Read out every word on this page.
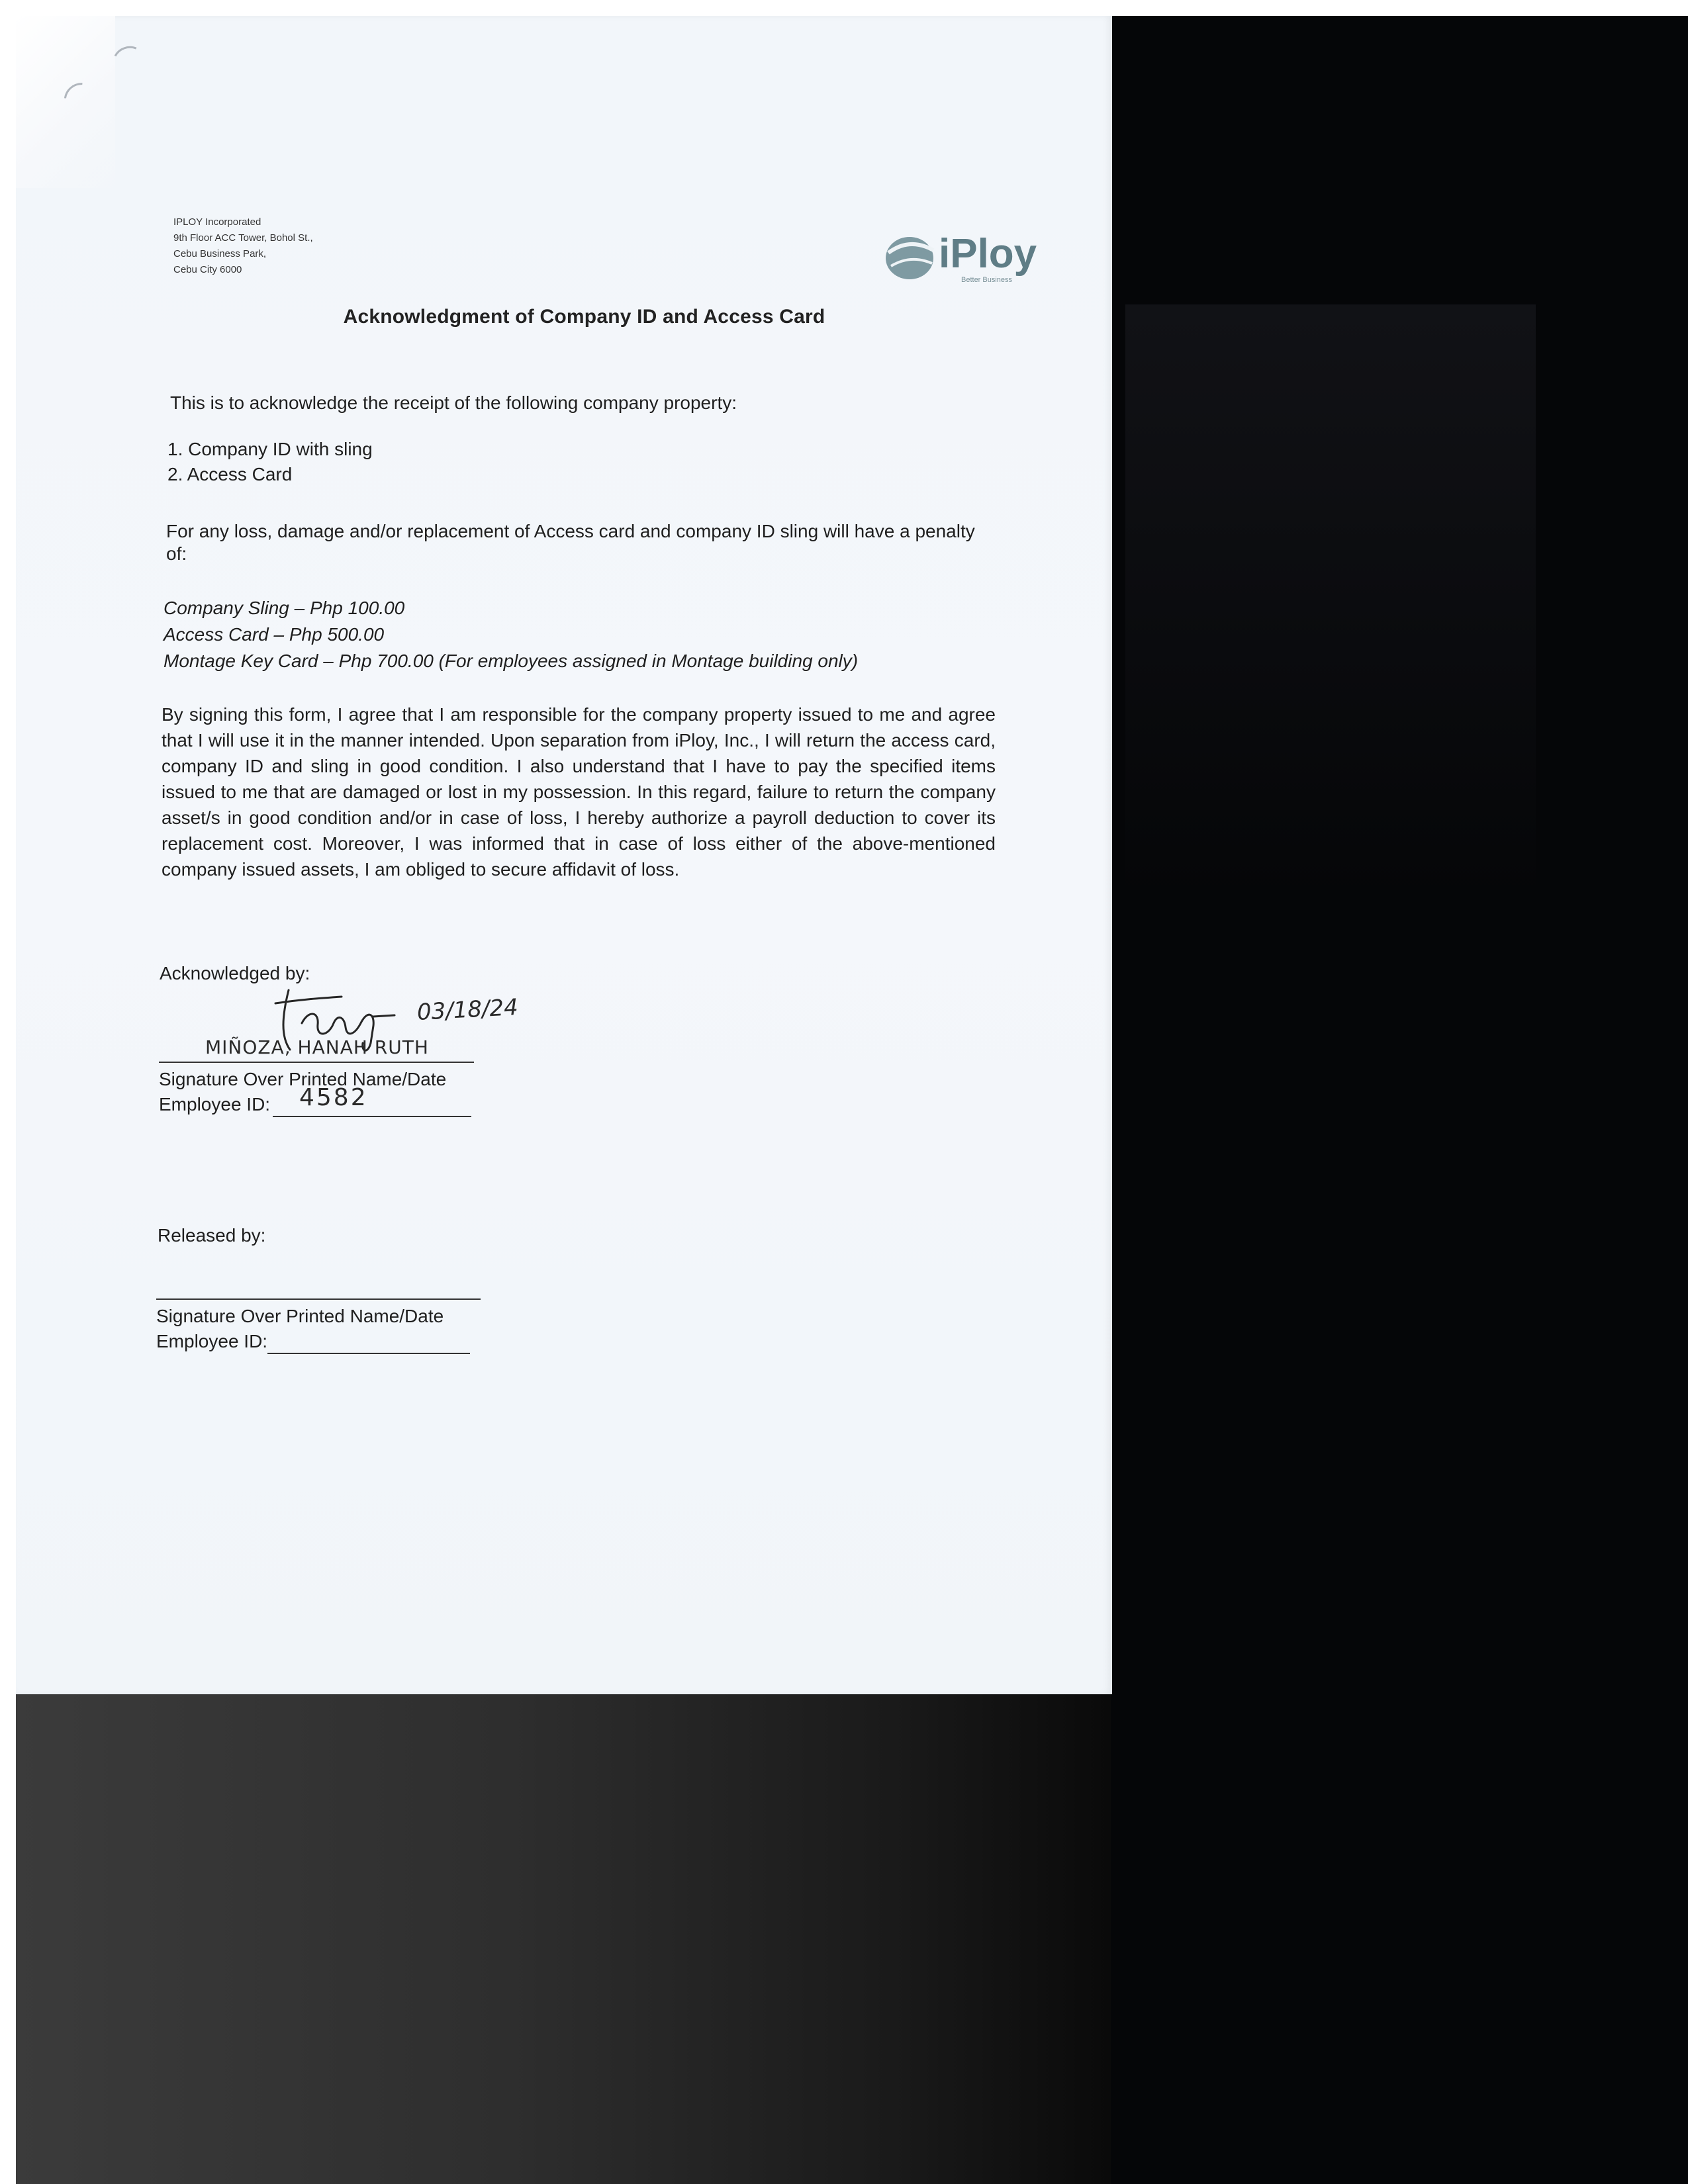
IPLOY Incorporated
9th Floor ACC Tower, Bohol St.,
Cebu Business Park,
Cebu City 6000	iPloy
Better Business
Acknowledgment of Company ID and Access Card
This is to acknowledge the receipt of the following company property:
1. Company ID with sling
2. Access Card
For any loss, damage and/or replacement of Access card and company ID sling will have a penalty
of:
Company Sling – Php 100.00
Access Card – Php 500.00
Montage Key Card – Php 700.00 (For employees assigned in Montage building only)
By signing this form, I agree that I am responsible for the company property issued to me and agree that I will use it in the manner intended. Upon separation from iPloy, Inc., I will return the access card, company ID and sling in good condition. I also understand that I have to pay the specified items issued to me that are damaged or lost in my possession. In this regard, failure to return the company asset/s in good condition and/or in case of loss, I hereby authorize a payroll deduction to cover its replacement cost. Moreover, I was informed that in case of loss either of the above-mentioned company issued assets, I am obliged to secure affidavit of loss.
Acknowledged by:
03/18/24
MIÑOZA, HANAH RUTH
Signature Over Printed Name/Date
Employee ID: 4582
Released by:
Signature Over Printed Name/Date
Employee ID:
